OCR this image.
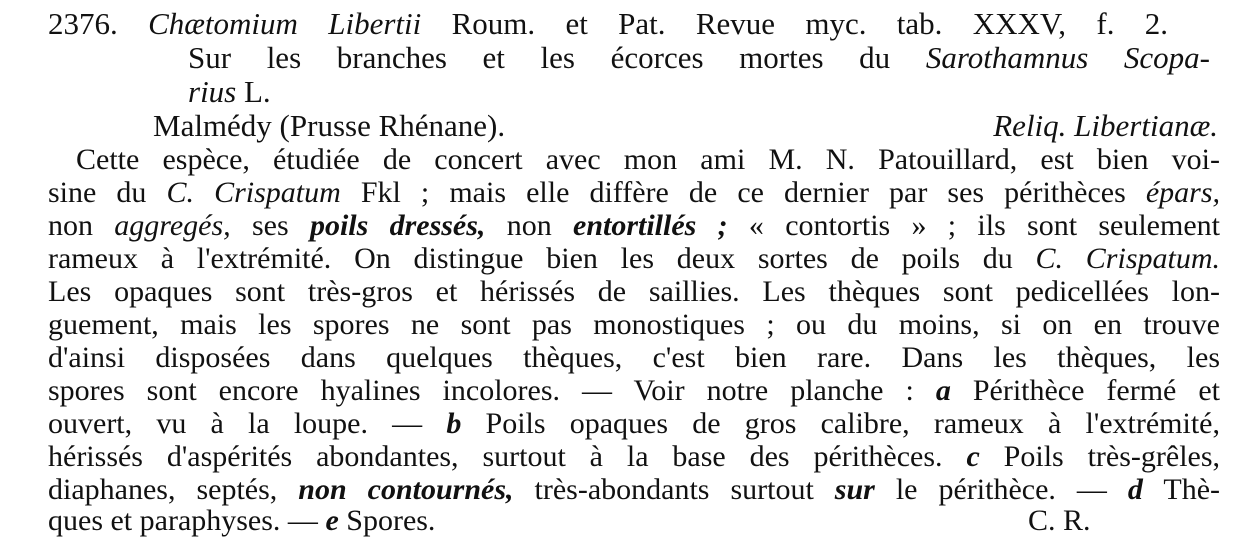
2376. Chætomium Libertii Roum. et Pat. Revue myc. tab. XXXV, f. 2.
Sur les branches et les écorces mortes du Sarothamnus Scopa-
rius L.
Malmédy (Prusse Rhénane).	Reliq. Libertianæ.
Cette espèce, étudiée de concert avec mon ami M. N. Patouillard, est bien voi-
sine du C. Crispatum Fkl ; mais elle diffère de ce dernier par ses périthèces épars,
non aggregés, ses poils dressés, non entortillés ; « contortis » ; ils sont seulement
rameux à l'extrémité. On distingue bien les deux sortes de poils du C. Crispatum.
Les opaques sont très-gros et hérissés de saillies. Les thèques sont pedicellées lon-
guement, mais les spores ne sont pas monostiques ; ou du moins, si on en trouve
d'ainsi disposées dans quelques thèques, c'est bien rare. Dans les thèques, les
spores sont encore hyalines incolores. — Voir notre planche : a Périthèce fermé et
ouvert, vu à la loupe. — b Poils opaques de gros calibre, rameux à l'extrémité,
hérissés d'aspérités abondantes, surtout à la base des périthèces. c Poils très-grêles,
diaphanes, septés, non contournés, très-abondants surtout sur le périthèce. — d Thè-
ques et paraphyses. — e Spores.	C. R.
